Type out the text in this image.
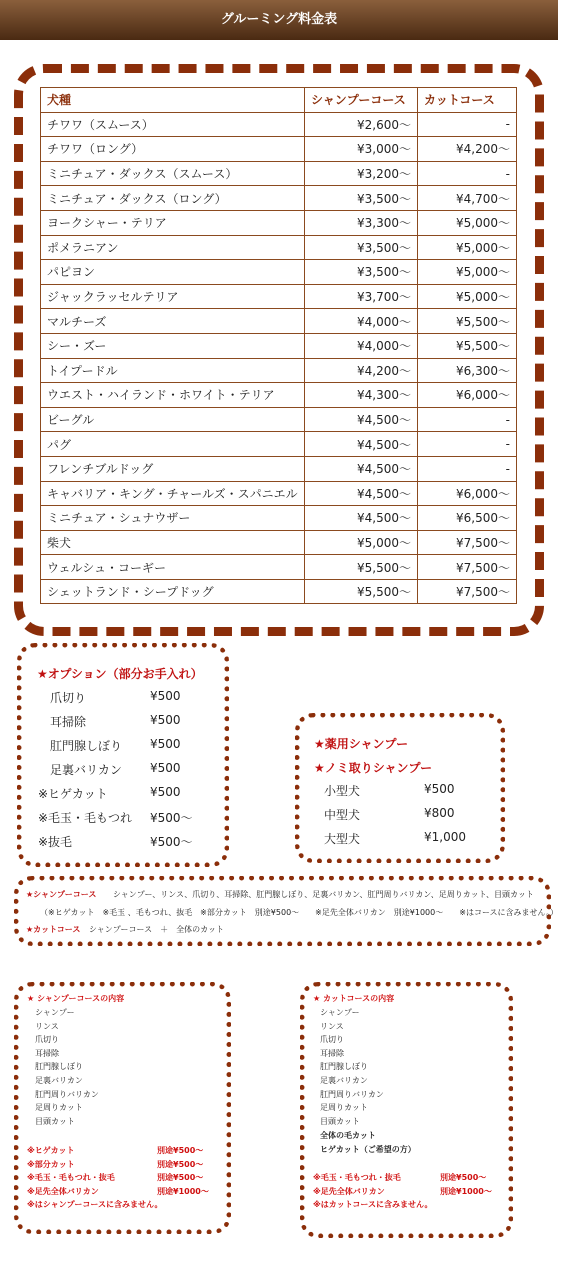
グルーミング料金表
犬種	シャンプーコース	カットコース
チワワ（スムース）	¥2,600～	-
チワワ（ロング）	¥3,000～	¥4,200～
ミニチュア・ダックス（スムース）	¥3,200～	-
ミニチュア・ダックス（ロング）	¥3,500～	¥4,700～
ヨークシャー・テリア	¥3,300～	¥5,000～
ポメラニアン	¥3,500～	¥5,000～
パピヨン	¥3,500～	¥5,000～
ジャックラッセルテリア	¥3,700～	¥5,000～
マルチーズ	¥4,000～	¥5,500～
シー・ズー	¥4,000～	¥5,500～
トイプードル	¥4,200～	¥6,300～
ウエスト・ハイランド・ホワイト・テリア	¥4,300～	¥6,000～
ビーグル	¥4,500～	-
パグ	¥4,500～	-
フレンチブルドッグ	¥4,500～	-
キャバリア・キング・チャールズ・スパニエル	¥4,500～	¥6,000～
ミニチュア・シュナウザー	¥4,500～	¥6,500～
柴犬	¥5,000～	¥7,500～
ウェルシュ・コーギー	¥5,500～	¥7,500～
シェットランド・シープドッグ	¥5,500～	¥7,500～
★オプション（部分お手入れ）
爪切り	¥500
耳掃除	¥500
肛門腺しぼり ¥500
足裏バリカン ¥500
※ヒゲカット	¥500
※毛玉・毛もつれ ¥500～
※抜毛	¥500～
★薬用シャンプー
★ノミ取りシャンプー
小型犬	¥500
中型犬	¥800
大型犬	¥1,000
★シャンプーコース シャンプー、リンス、爪切り、耳掃除、肛門腺しぼり、足裏バリカン、肛門周りバリカン、足周りカット、目頭カット
（※ヒゲカット　※毛玉 、毛もつれ、抜毛　※部分カット　別途¥500～　　※足先全体バリカン　別途¥1000～　　※はコースに含みません。）
★カットコース シャンプーコース　＋　全体のカット
★ シャンプーコースの内容
シャンプー
リンス
爪切り
耳掃除
肛門腺しぼり
足裏バリカン
肛門周りバリカン
足周りカット
目頭カット
※ヒゲカット	別途¥500～
※部分カット	別途¥500～
※毛玉・毛もつれ・抜毛	別途¥500～
※足先全体バリカン	別途¥1000～
※はシャンプーコースに含みません。
★ カットコースの内容
シャンプー
リンス
爪切り
耳掃除
肛門腺しぼり
足裏バリカン
肛門周りバリカン
足周りカット
目頭カット
全体の毛カット
ヒゲカット（ご希望の方）
※毛玉・毛もつれ・抜毛	別途¥500～
※足先全体バリカン	別途¥1000～
※はカットコースに含みません。
